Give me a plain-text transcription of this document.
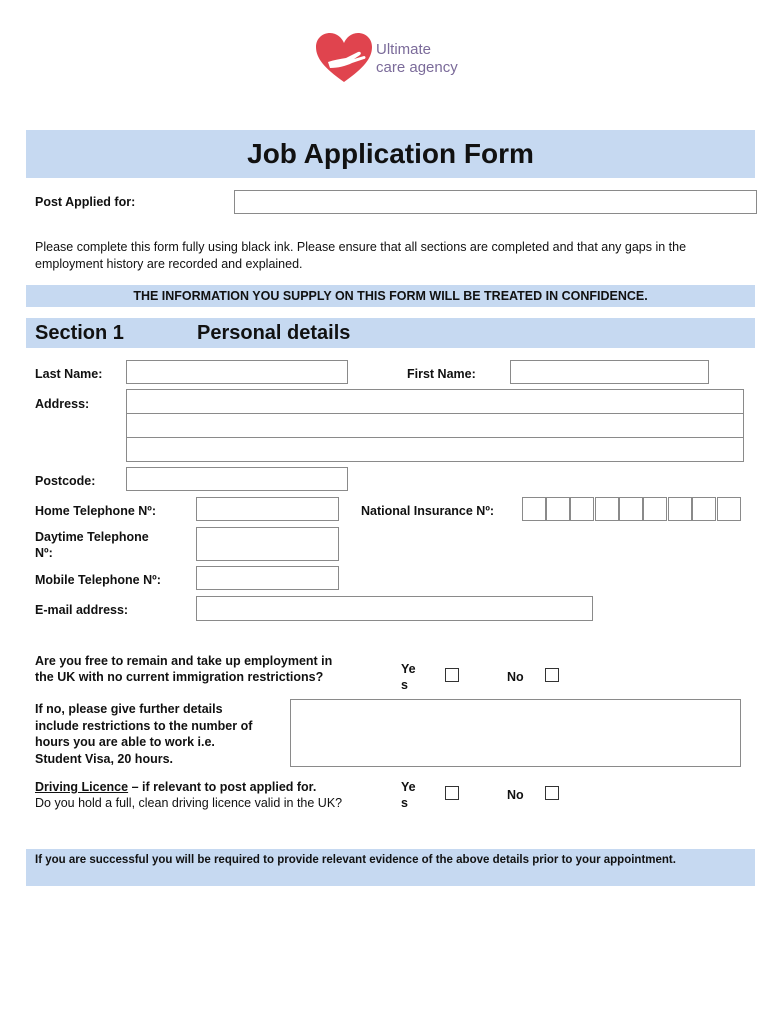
Ultimate
care agency
Job Application Form
Post Applied for:
Please complete this form fully using black ink. Please ensure that all sections are completed and that any gaps in the employment history are recorded and explained.
THE INFORMATION YOU SUPPLY ON THIS FORM WILL BE TREATED IN CONFIDENCE.
Section 1	Personal details
Last Name:	First Name:
Address:
Postcode:
Home Telephone Nº:	National Insurance Nº:
Daytime Telephone
Nº:
Mobile Telephone Nº:
E-mail address:
Are you free to remain and take up employment in
the UK with no current immigration restrictions?
Ye
s
No
If no, please give further details
include restrictions to the number of
hours you are able to work i.e.
Student Visa, 20 hours.
Driving Licence – if relevant to post applied for.
Do you hold a full, clean driving licence valid in the UK?
Ye
s
No
If you are successful you will be required to provide relevant evidence of the above details prior to your appointment.
